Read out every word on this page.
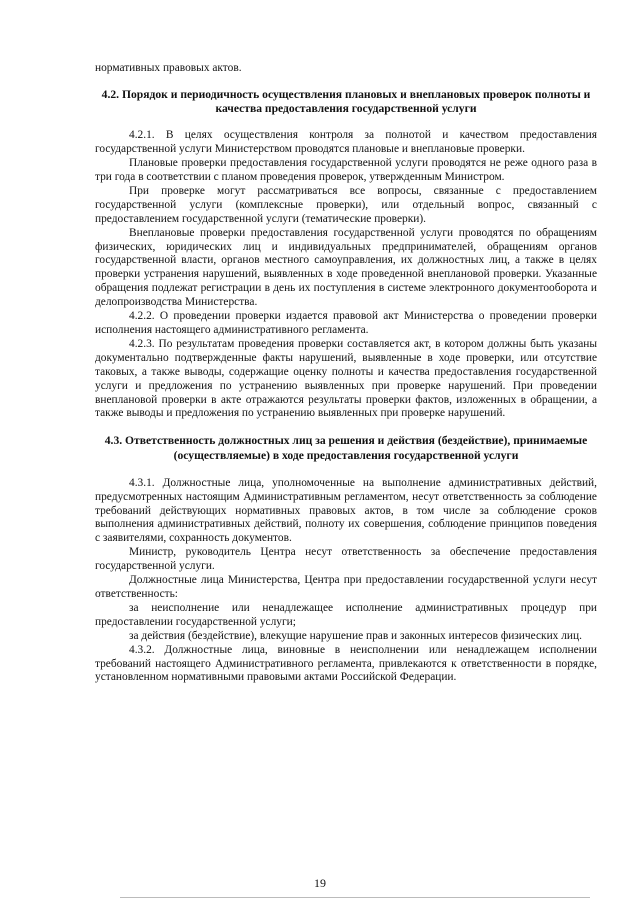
нормативных правовых актов.

4.2. Порядок и периодичность осуществления плановых и внеплановых проверок полноты и качества предоставления государственной услуги

4.2.1. В целях осуществления контроля за полнотой и качеством предоставления государственной услуги Министерством проводятся плановые и внеплановые проверки.

Плановые проверки предоставления государственной услуги проводятся не реже одного раза в три года в соответствии с планом проведения проверок, утвержденным Министром.

При проверке могут рассматриваться все вопросы, связанные с предоставлением государственной услуги (комплексные проверки), или отдельный вопрос, связанный с предоставлением государственной услуги (тематические проверки).

Внеплановые проверки предоставления государственной услуги проводятся по обращениям физических, юридических лиц и индивидуальных предпринимателей, обращениям органов государственной власти, органов местного самоуправления, их должностных лиц, а также в целях проверки устранения нарушений, выявленных в ходе проведенной внеплановой проверки. Указанные обращения подлежат регистрации в день их поступления в системе электронного документооборота и делопроизводства Министерства.

4.2.2. О проведении проверки издается правовой акт Министерства о проведении проверки исполнения настоящего административного регламента.

4.2.3. По результатам проведения проверки составляется акт, в котором должны быть указаны документально подтвержденные факты нарушений, выявленные в ходе проверки, или отсутствие таковых, а также выводы, содержащие оценку полноты и качества предоставления государственной услуги и предложения по устранению выявленных при проверке нарушений. При проведении внеплановой проверки в акте отражаются результаты проверки фактов, изложенных в обращении, а также выводы и предложения по устранению выявленных при проверке нарушений.

4.3. Ответственность должностных лиц за решения и действия (бездействие), принимаемые (осуществляемые) в ходе предоставления государственной услуги

4.3.1. Должностные лица, уполномоченные на выполнение административных действий, предусмотренных настоящим Административным регламентом, несут ответственность за соблюдение требований действующих нормативных правовых актов, в том числе за соблюдение сроков выполнения административных действий, полноту их совершения, соблюдение принципов поведения с заявителями, сохранность документов.

Министр, руководитель Центра несут ответственность за обеспечение предоставления государственной услуги.

Должностные лица Министерства, Центра при предоставлении государственной услуги несут ответственность:

за неисполнение или ненадлежащее исполнение административных процедур при предоставлении государственной услуги;

за действия (бездействие), влекущие нарушение прав и законных интересов физических лиц.

4.3.2. Должностные лица, виновные в неисполнении или ненадлежащем исполнении требований настоящего Административного регламента, привлекаются к ответственности в порядке, установленном нормативными правовыми актами Российской Федерации.

19
